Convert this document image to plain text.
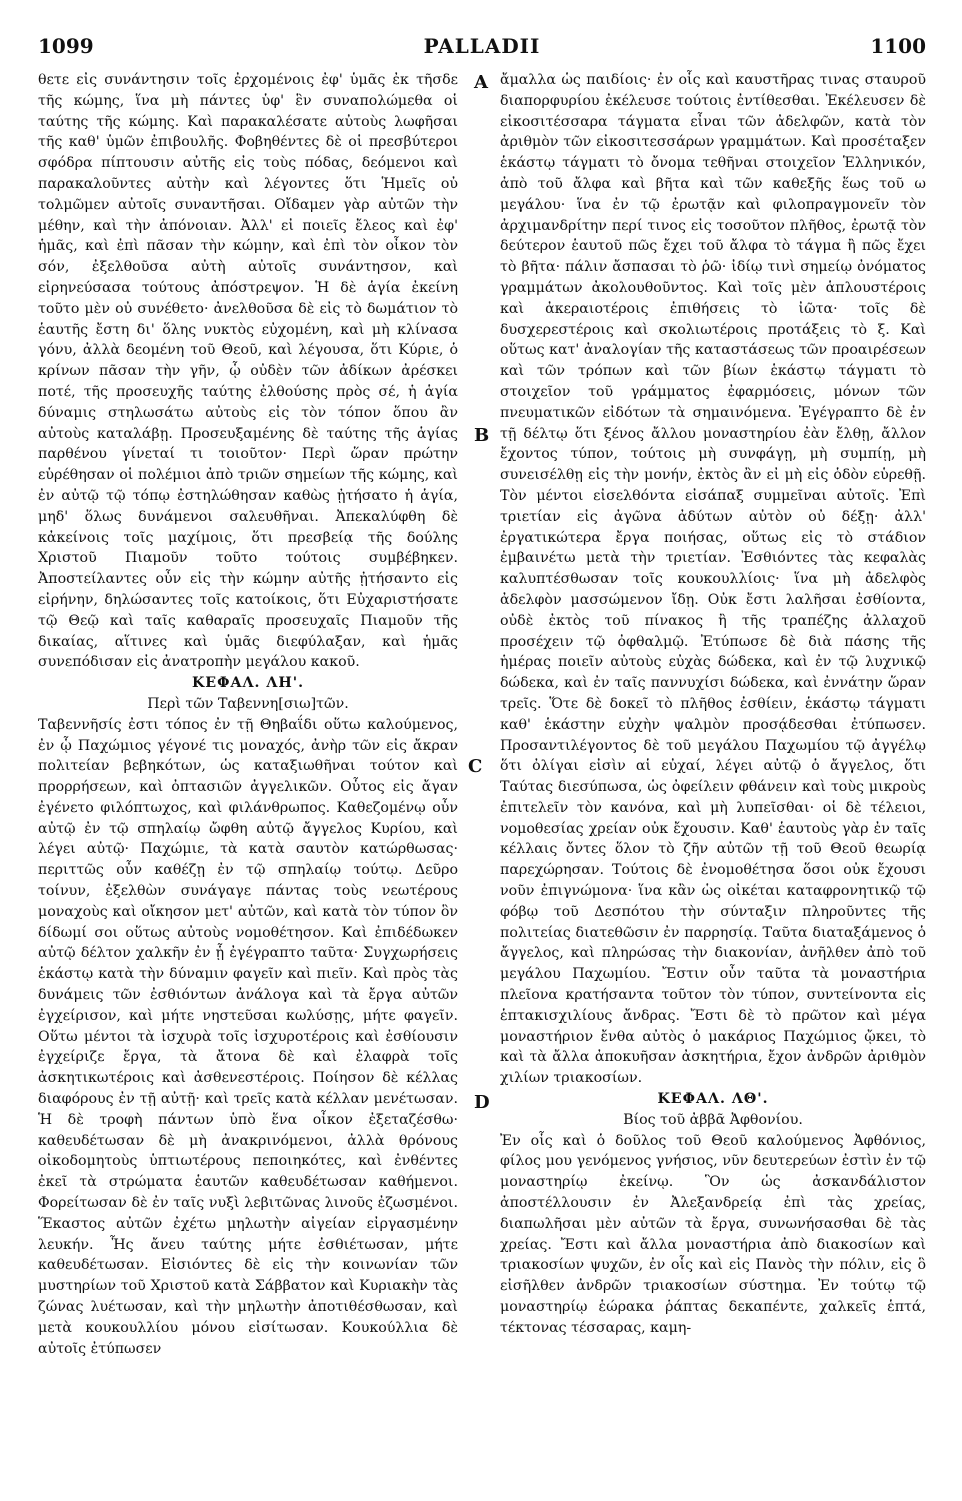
1099	PALLADII	1100
A
B
C
D

θετε εἰς συνάντησιν τοῖς ἐρχομένοις ἐφ' ὑμᾶς ἐκ τῆσδε τῆς κώμης, ἵνα μὴ πάντες ὑφ' ἓν συναπολώμεθα οἱ ταύτης τῆς κώμης. Καὶ παρακαλέσατε αὐτοὺς λωφῆσαι τῆς καθ' ὑμῶν ἐπιβουλῆς. Φοβηθέντες δὲ οἱ πρεσβύτεροι σφόδρα πίπτουσιν αὐτῆς εἰς τοὺς πόδας, δεόμενοι καὶ παρακαλοῦντες αὐτὴν καὶ λέγοντες ὅτι Ἡμεῖς οὐ τολμῶμεν αὐτοῖς συναντῆσαι. Οἴδαμεν γὰρ αὐτῶν τὴν μέθην, καὶ τὴν ἀπόνοιαν. Ἀλλ' εἰ ποιεῖς ἔλεος καὶ ἐφ' ἡμᾶς, καὶ ἐπὶ πᾶσαν τὴν κώμην, καὶ ἐπὶ τὸν οἶκον τὸν σόν, ἐξελθοῦσα αὐτὴ αὐτοῖς συνάντησον, καὶ εἰρηνεύσασα τούτους ἀπόστρεψον. Ἡ δὲ ἁγία ἐκείνη τοῦτο μὲν οὐ συνέθετο· ἀνελθοῦσα δὲ εἰς τὸ δωμάτιον τὸ ἑαυτῆς ἔστη δι' ὅλης νυκτὸς εὐχομένη, καὶ μὴ κλίνασα γόνυ, ἀλλὰ δεομένη τοῦ Θεοῦ, καὶ λέγουσα, ὅτι Κύριε, ὁ κρίνων πᾶσαν τὴν γῆν, ᾧ οὐδὲν τῶν ἀδίκων ἀρέσκει ποτέ, τῆς προσευχῆς ταύτης ἐλθούσης πρὸς σέ, ἡ ἁγία δύναμις στηλωσάτω αὐτοὺς εἰς τὸν τόπον ὅπου ἂν αὐτοὺς καταλάβῃ. Προσευξαμένης δὲ ταύτης τῆς ἁγίας παρθένου γίνεταί τι τοιοῦτον· Περὶ ὥραν πρώτην εὑρέθησαν οἱ πολέμιοι ἀπὸ τριῶν σημείων τῆς κώμης, καὶ ἐν αὐτῷ τῷ τόπῳ ἐστηλώθησαν καθὼς ᾐτήσατο ἡ ἁγία, μηδ' ὅλως δυνάμενοι σαλευθῆναι. Ἀπεκαλύφθη δὲ κἀκείνοις τοῖς μαχίμοις, ὅτι πρεσβείᾳ τῆς δούλης Χριστοῦ Πιαμοῦν τοῦτο τούτοις συμβέβηκεν. Ἀποστείλαντες οὖν εἰς τὴν κώμην αὐτῆς ᾐτήσαντο εἰς εἰρήνην, δηλώσαντες τοῖς κατοίκοις, ὅτι Εὐχαριστήσατε τῷ Θεῷ καὶ ταῖς καθαραῖς προσευχαῖς Πιαμοῦν τῆς δικαίας, αἵτινες καὶ ὑμᾶς διεφύλαξαν, καὶ ἡμᾶς συνεπόδισαν εἰς ἀνατροπὴν μεγάλου κακοῦ.

ΚΕΦΑΛ. ΛΗ'.

Περὶ τῶν Ταβεννη[σιω]τῶν.

Ταβεννῆσίς ἐστι τόπος ἐν τῇ Θηβαΐδι οὕτω καλούμενος, ἐν ᾧ Παχώμιος γέγονέ τις μοναχός, ἀνὴρ τῶν εἰς ἄκραν πολιτείαν βεβηκότων, ὡς καταξιωθῆναι τούτον καὶ προρρήσεων, καὶ ὀπτασιῶν ἀγγελικῶν. Οὗτος εἰς ἄγαν ἐγένετο φιλόπτωχος, καὶ φιλάνθρωπος. Καθεζομένῳ οὖν αὐτῷ ἐν τῷ σπηλαίῳ ὤφθη αὐτῷ ἄγγελος Κυρίου, καὶ λέγει αὐτῷ· Παχώμιε, τὰ κατὰ σαυτὸν κατώρθωσας· περιττῶς οὖν καθέζῃ ἐν τῷ σπηλαίῳ τούτῳ. Δεῦρο τοίνυν, ἐξελθὼν συνάγαγε πάντας τοὺς νεωτέρους μοναχοὺς καὶ οἴκησον μετ' αὐτῶν, καὶ κατὰ τὸν τύπον ὃν δίδωμί σοι οὕτως αὐτοὺς νομοθέτησον. Καὶ ἐπιδέδωκεν αὐτῷ δέλτον χαλκῆν ἐν ᾗ ἐγέγραπτο ταῦτα· Συγχωρήσεις ἑκάστῳ κατὰ τὴν δύναμιν φαγεῖν καὶ πιεῖν. Καὶ πρὸς τὰς δυνάμεις τῶν ἐσθιόντων ἀνάλογα καὶ τὰ ἔργα αὐτῶν ἐγχείρισον, καὶ μήτε νηστεῦσαι κωλύσῃς, μήτε φαγεῖν. Οὕτω μέντοι τὰ ἰσχυρὰ τοῖς ἰσχυροτέροις καὶ ἐσθίουσιν ἐγχείριζε ἔργα, τὰ ἄτονα δὲ καὶ ἐλαφρὰ τοῖς ἀσκητικωτέροις καὶ ἀσθενεστέροις. Ποίησον δὲ κέλλας διαφόρους ἐν τῇ αὐτῇ· καὶ τρεῖς κατὰ κέλλαν μενέτωσαν. Ἡ δὲ τροφὴ πάντων ὑπὸ ἕνα οἶκον ἐξεταζέσθω· καθευδέτωσαν δὲ μὴ ἀνακρινόμενοι, ἀλλὰ θρόνους οἰκοδομητοὺς ὑπτιωτέρους πεποιηκότες, καὶ ἐνθέντες ἐκεῖ τὰ στρώματα ἑαυτῶν καθευδέτωσαν καθήμενοι. Φορείτωσαν δὲ ἐν ταῖς νυξὶ λεβιτῶνας λινοῦς ἐζωσμένοι. Ἕκαστος αὐτῶν ἐχέτω μηλωτὴν αἰγείαν εἰργασμένην λευκήν. Ἧς ἄνευ ταύτης μήτε ἐσθιέτωσαν, μήτε καθευδέτωσαν. Εἰσιόντες δὲ εἰς τὴν κοινωνίαν τῶν μυστηρίων τοῦ Χριστοῦ κατὰ Σάββατον καὶ Κυριακὴν τὰς ζώνας λυέτωσαν, καὶ τὴν μηλωτὴν ἀποτιθέσθωσαν, καὶ μετὰ κουκουλλίου μόνου εἰσίτωσαν. Κουκούλλια δὲ αὐτοῖς ἐτύπωσεν

ἄμαλλα ὡς παιδίοις· ἐν οἷς καὶ καυστῆρας τινας σταυροῦ διαπορφυρίου ἐκέλευσε τούτοις ἐντίθεσθαι. Ἐκέλευσεν δὲ εἰκοσιτέσσαρα τάγματα εἶναι τῶν ἀδελφῶν, κατὰ τὸν ἀριθμὸν τῶν εἰκοσιτεσσάρων γραμμάτων. Καὶ προσέταξεν ἑκάστῳ τάγματι τὸ ὄνομα τεθῆναι στοιχεῖον Ἑλληνικόν, ἀπὸ τοῦ ἄλφα καὶ βῆτα καὶ τῶν καθεξῆς ἕως τοῦ ω μεγάλου· ἵνα ἐν τῷ ἐρωτᾷν καὶ φιλοπραγμονεῖν τὸν ἀρχιμανδρίτην περί τινος εἰς τοσοῦτον πλῆθος, ἐρωτᾷ τὸν δεύτερον ἑαυτοῦ πῶς ἔχει τοῦ ἄλφα τὸ τάγμα ἢ πῶς ἔχει τὸ βῆτα· πάλιν ἄσπασαι τὸ ῥῶ· ἰδίῳ τινὶ σημείῳ ὀνόματος γραμμάτων ἀκολουθοῦντος. Καὶ τοῖς μὲν ἁπλουστέροις καὶ ἀκεραιοτέροις ἐπιθήσεις τὸ ἰῶτα· τοῖς δὲ δυσχερεστέροις καὶ σκολιωτέροις προτάξεις τὸ ξ. Καὶ οὕτως κατ' ἀναλογίαν τῆς καταστάσεως τῶν προαιρέσεων καὶ τῶν τρόπων καὶ τῶν βίων ἑκάστῳ τάγματι τὸ στοιχεῖον τοῦ γράμματος ἐφαρμόσεις, μόνων τῶν πνευματικῶν εἰδότων τὰ σημαινόμενα. Ἐγέγραπτο δὲ ἐν τῇ δέλτῳ ὅτι ξένος ἄλλου μοναστηρίου ἐὰν ἔλθῃ, ἄλλον ἔχοντος τύπον, τούτοις μὴ συνφάγῃ, μὴ συμπίῃ, μὴ συνεισέλθῃ εἰς τὴν μονήν, ἐκτὸς ἂν εἰ μὴ εἰς ὁδὸν εὑρεθῇ. Τὸν μέντοι εἰσελθόντα εἰσάπαξ συμμεῖναι αὐτοῖς. Ἐπὶ τριετίαν εἰς ἀγῶνα ἀδύτων αὐτὸν οὐ δέξῃ· ἀλλ' ἐργατικώτερα ἔργα ποιήσας, οὕτως εἰς τὸ στάδιον ἐμβαινέτω μετὰ τὴν τριετίαν. Ἐσθιόντες τὰς κεφαλὰς καλυπτέσθωσαν τοῖς κουκουλλίοις· ἵνα μὴ ἀδελφὸς ἀδελφὸν μασσώμενον ἴδῃ. Οὐκ ἔστι λαλῆσαι ἐσθίοντα, οὐδὲ ἐκτὸς τοῦ πίνακος ἢ τῆς τραπέζης ἀλλαχοῦ προσέχειν τῷ ὀφθαλμῷ. Ἐτύπωσε δὲ διὰ πάσης τῆς ἡμέρας ποιεῖν αὐτοὺς εὐχὰς δώδεκα, καὶ ἐν τῷ λυχνικῷ δώδεκα, καὶ ἐν ταῖς παννυχίσι δώδεκα, καὶ ἐννάτην ὥραν τρεῖς. Ὅτε δὲ δοκεῖ τὸ πλῆθος ἐσθίειν, ἑκάστῳ τάγματι καθ' ἑκάστην εὐχὴν ψαλμὸν προσᾴδεσθαι ἐτύπωσεν. Προσαντιλέγοντος δὲ τοῦ μεγάλου Παχωμίου τῷ ἀγγέλῳ ὅτι ὀλίγαι εἰσὶν αἱ εὐχαί, λέγει αὐτῷ ὁ ἄγγελος, ὅτι Ταύτας διεσύπωσα, ὡς ὀφείλειν φθάνειν καὶ τοὺς μικροὺς ἐπιτελεῖν τὸν κανόνα, καὶ μὴ λυπεῖσθαι· οἱ δὲ τέλειοι, νομοθεσίας χρείαν οὐκ ἔχουσιν. Καθ' ἑαυτοὺς γὰρ ἐν ταῖς κέλλαις ὄντες ὅλον τὸ ζῆν αὐτῶν τῇ τοῦ Θεοῦ θεωρίᾳ παρεχώρησαν. Τούτοις δὲ ἐνομοθέτησα ὅσοι οὐκ ἔχουσι νοῦν ἐπιγνώμονα· ἵνα κἂν ὡς οἰκέται καταφρονητικῷ τῷ φόβῳ τοῦ Δεσπότου τὴν σύνταξιν πληροῦντες τῆς πολιτείας διατεθῶσιν ἐν παρρησίᾳ. Ταῦτα διαταξάμενος ὁ ἄγγελος, καὶ πληρώσας τὴν διακονίαν, ἀνῆλθεν ἀπὸ τοῦ μεγάλου Παχωμίου. Ἔστιν οὖν ταῦτα τὰ μοναστήρια πλεῖονα κρατήσαντα τοῦτον τὸν τύπον, συντείνοντα εἰς ἑπτακισχιλίους ἄνδρας. Ἔστι δὲ τὸ πρῶτον καὶ μέγα μοναστήριον ἔνθα αὐτὸς ὁ μακάριος Παχώμιος ᾤκει, τὸ καὶ τὰ ἄλλα ἀποκυῆσαν ἀσκητήρια, ἔχον ἀνδρῶν ἀριθμὸν χιλίων τριακοσίων.

ΚΕΦΑΛ. ΛΘ'.

Βίος τοῦ ἀββᾶ Ἀφθονίου.

Ἐν οἷς καὶ ὁ δοῦλος τοῦ Θεοῦ καλούμενος Ἀφθόνιος, φίλος μου γενόμενος γνήσιος, νῦν δευτερεύων ἐστὶν ἐν τῷ μοναστηρίῳ ἐκείνῳ. Ὃν ὡς ἀσκανδάλιστον ἀποστέλλουσιν ἐν Ἀλεξανδρείᾳ ἐπὶ τὰς χρείας, διαπωλῆσαι μὲν αὐτῶν τὰ ἔργα, συνωνήσασθαι δὲ τὰς χρείας. Ἔστι καὶ ἄλλα μοναστήρια ἀπὸ διακοσίων καὶ τριακοσίων ψυχῶν, ἐν οἷς καὶ εἰς Πανὸς τὴν πόλιν, εἰς ὃ εἰσῆλθεν ἀνδρῶν τριακοσίων σύστημα. Ἐν τούτῳ τῷ μοναστηρίῳ ἑώρακα ῥάπτας δεκαπέντε, χαλκεῖς ἑπτά, τέκτονας τέσσαρας, καμη-
